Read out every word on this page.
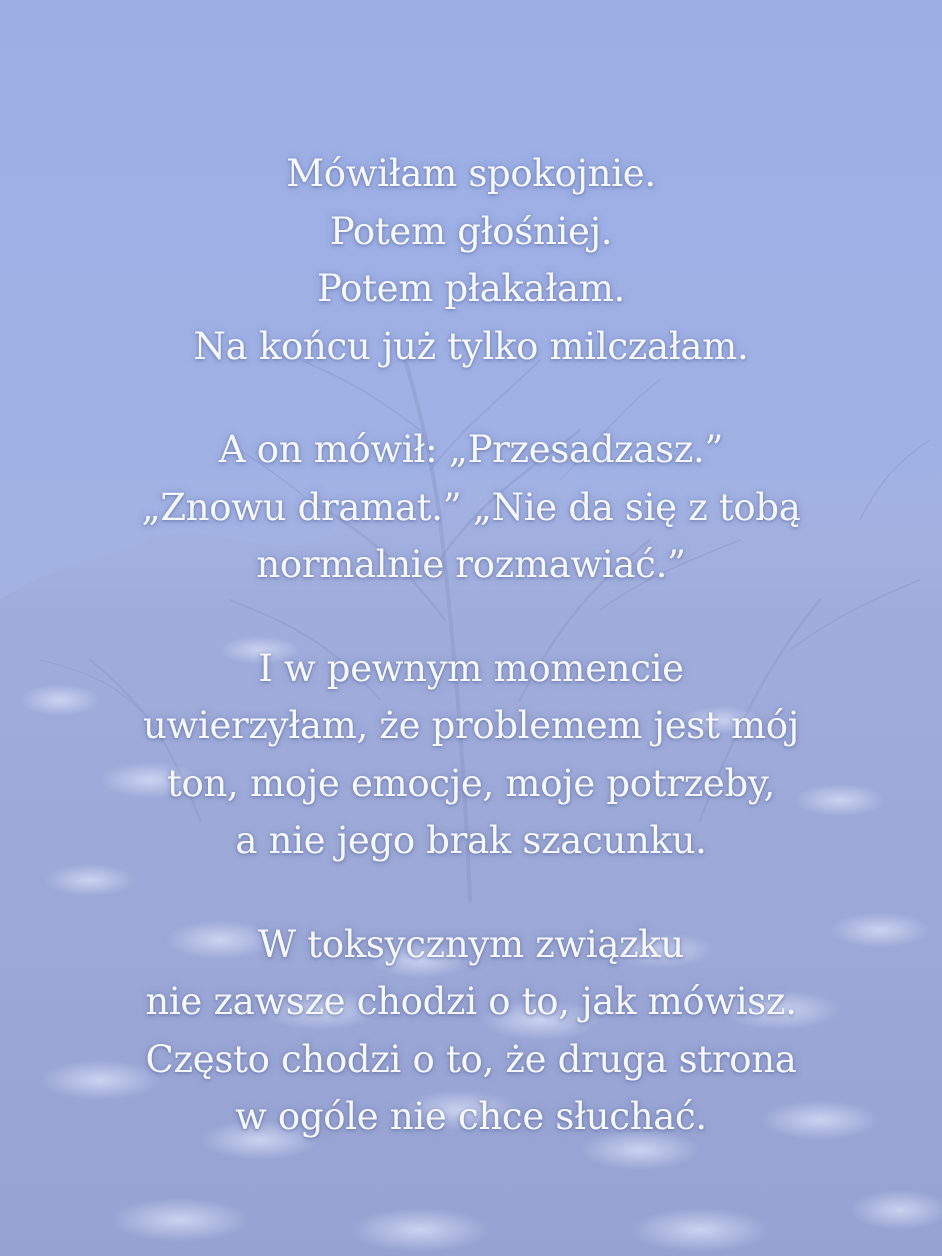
Mówiłam spokojnie.
Potem głośniej.
Potem płakałam.
Na końcu już tylko milczałam.
A on mówił: „Przesadzasz.”
„Znowu dramat.” „Nie da się z tobą
normalnie rozmawiać.”
I w pewnym momencie
uwierzyłam, że problemem jest mój
ton, moje emocje, moje potrzeby,
a nie jego brak szacunku.
W toksycznym związku
nie zawsze chodzi o to, jak mówisz.
Często chodzi o to, że druga strona
w ogóle nie chce słuchać.
